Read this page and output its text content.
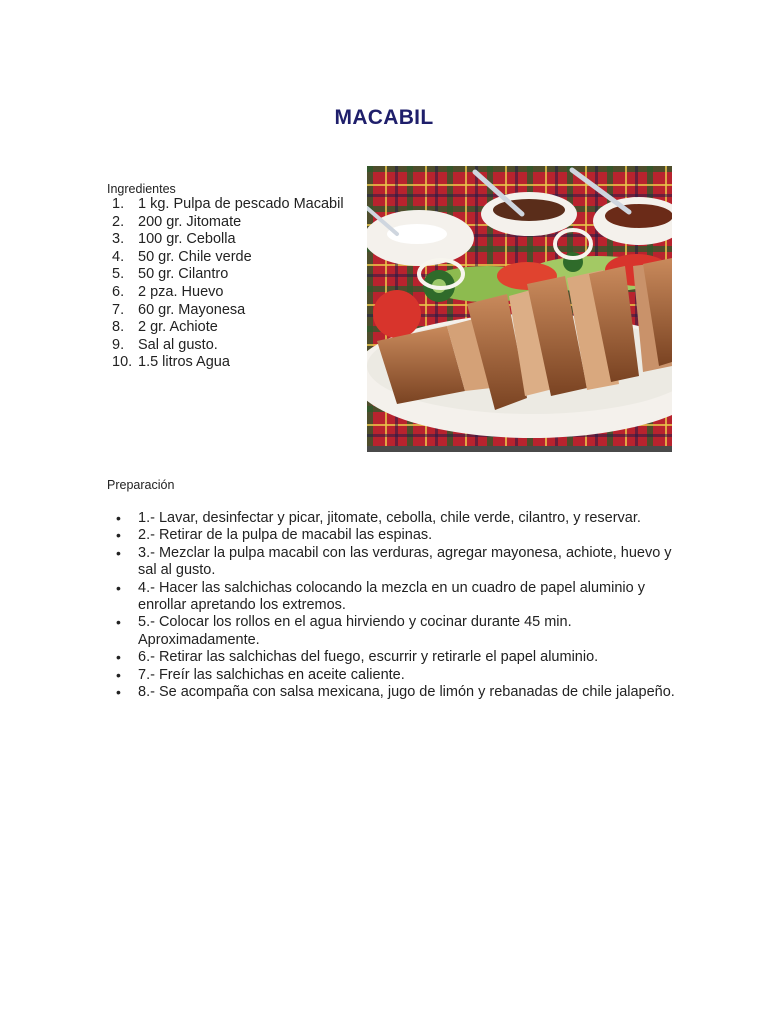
MACABIL
Ingredientes
1. 1 kg. Pulpa de pescado Macabil
2. 200 gr. Jitomate
3. 100 gr. Cebolla
4. 50 gr. Chile verde
5. 50 gr. Cilantro
6. 2 pza. Huevo
7. 60 gr. Mayonesa
8. 2 gr. Achiote
9. Sal al gusto.
10. 1.5 litros Agua
Preparación
• 1.- Lavar, desinfectar y picar, jitomate, cebolla, chile verde, cilantro, y reservar.
• 2.- Retirar de la pulpa de macabil las espinas.
• 3.- Mezclar la pulpa macabil con las verduras, agregar mayonesa, achiote, huevo y sal al gusto.
• 4.- Hacer las salchichas colocando la mezcla en un cuadro de papel aluminio y enrollar apretando los extremos.
• 5.- Colocar los rollos en el agua hirviendo y cocinar durante 45 min. Aproximadamente.
• 6.- Retirar las salchichas del fuego, escurrir y retirarle el papel aluminio.
• 7.- Freír las salchichas en aceite caliente.
• 8.- Se acompaña con salsa mexicana, jugo de limón y rebanadas de chile jalapeño.
